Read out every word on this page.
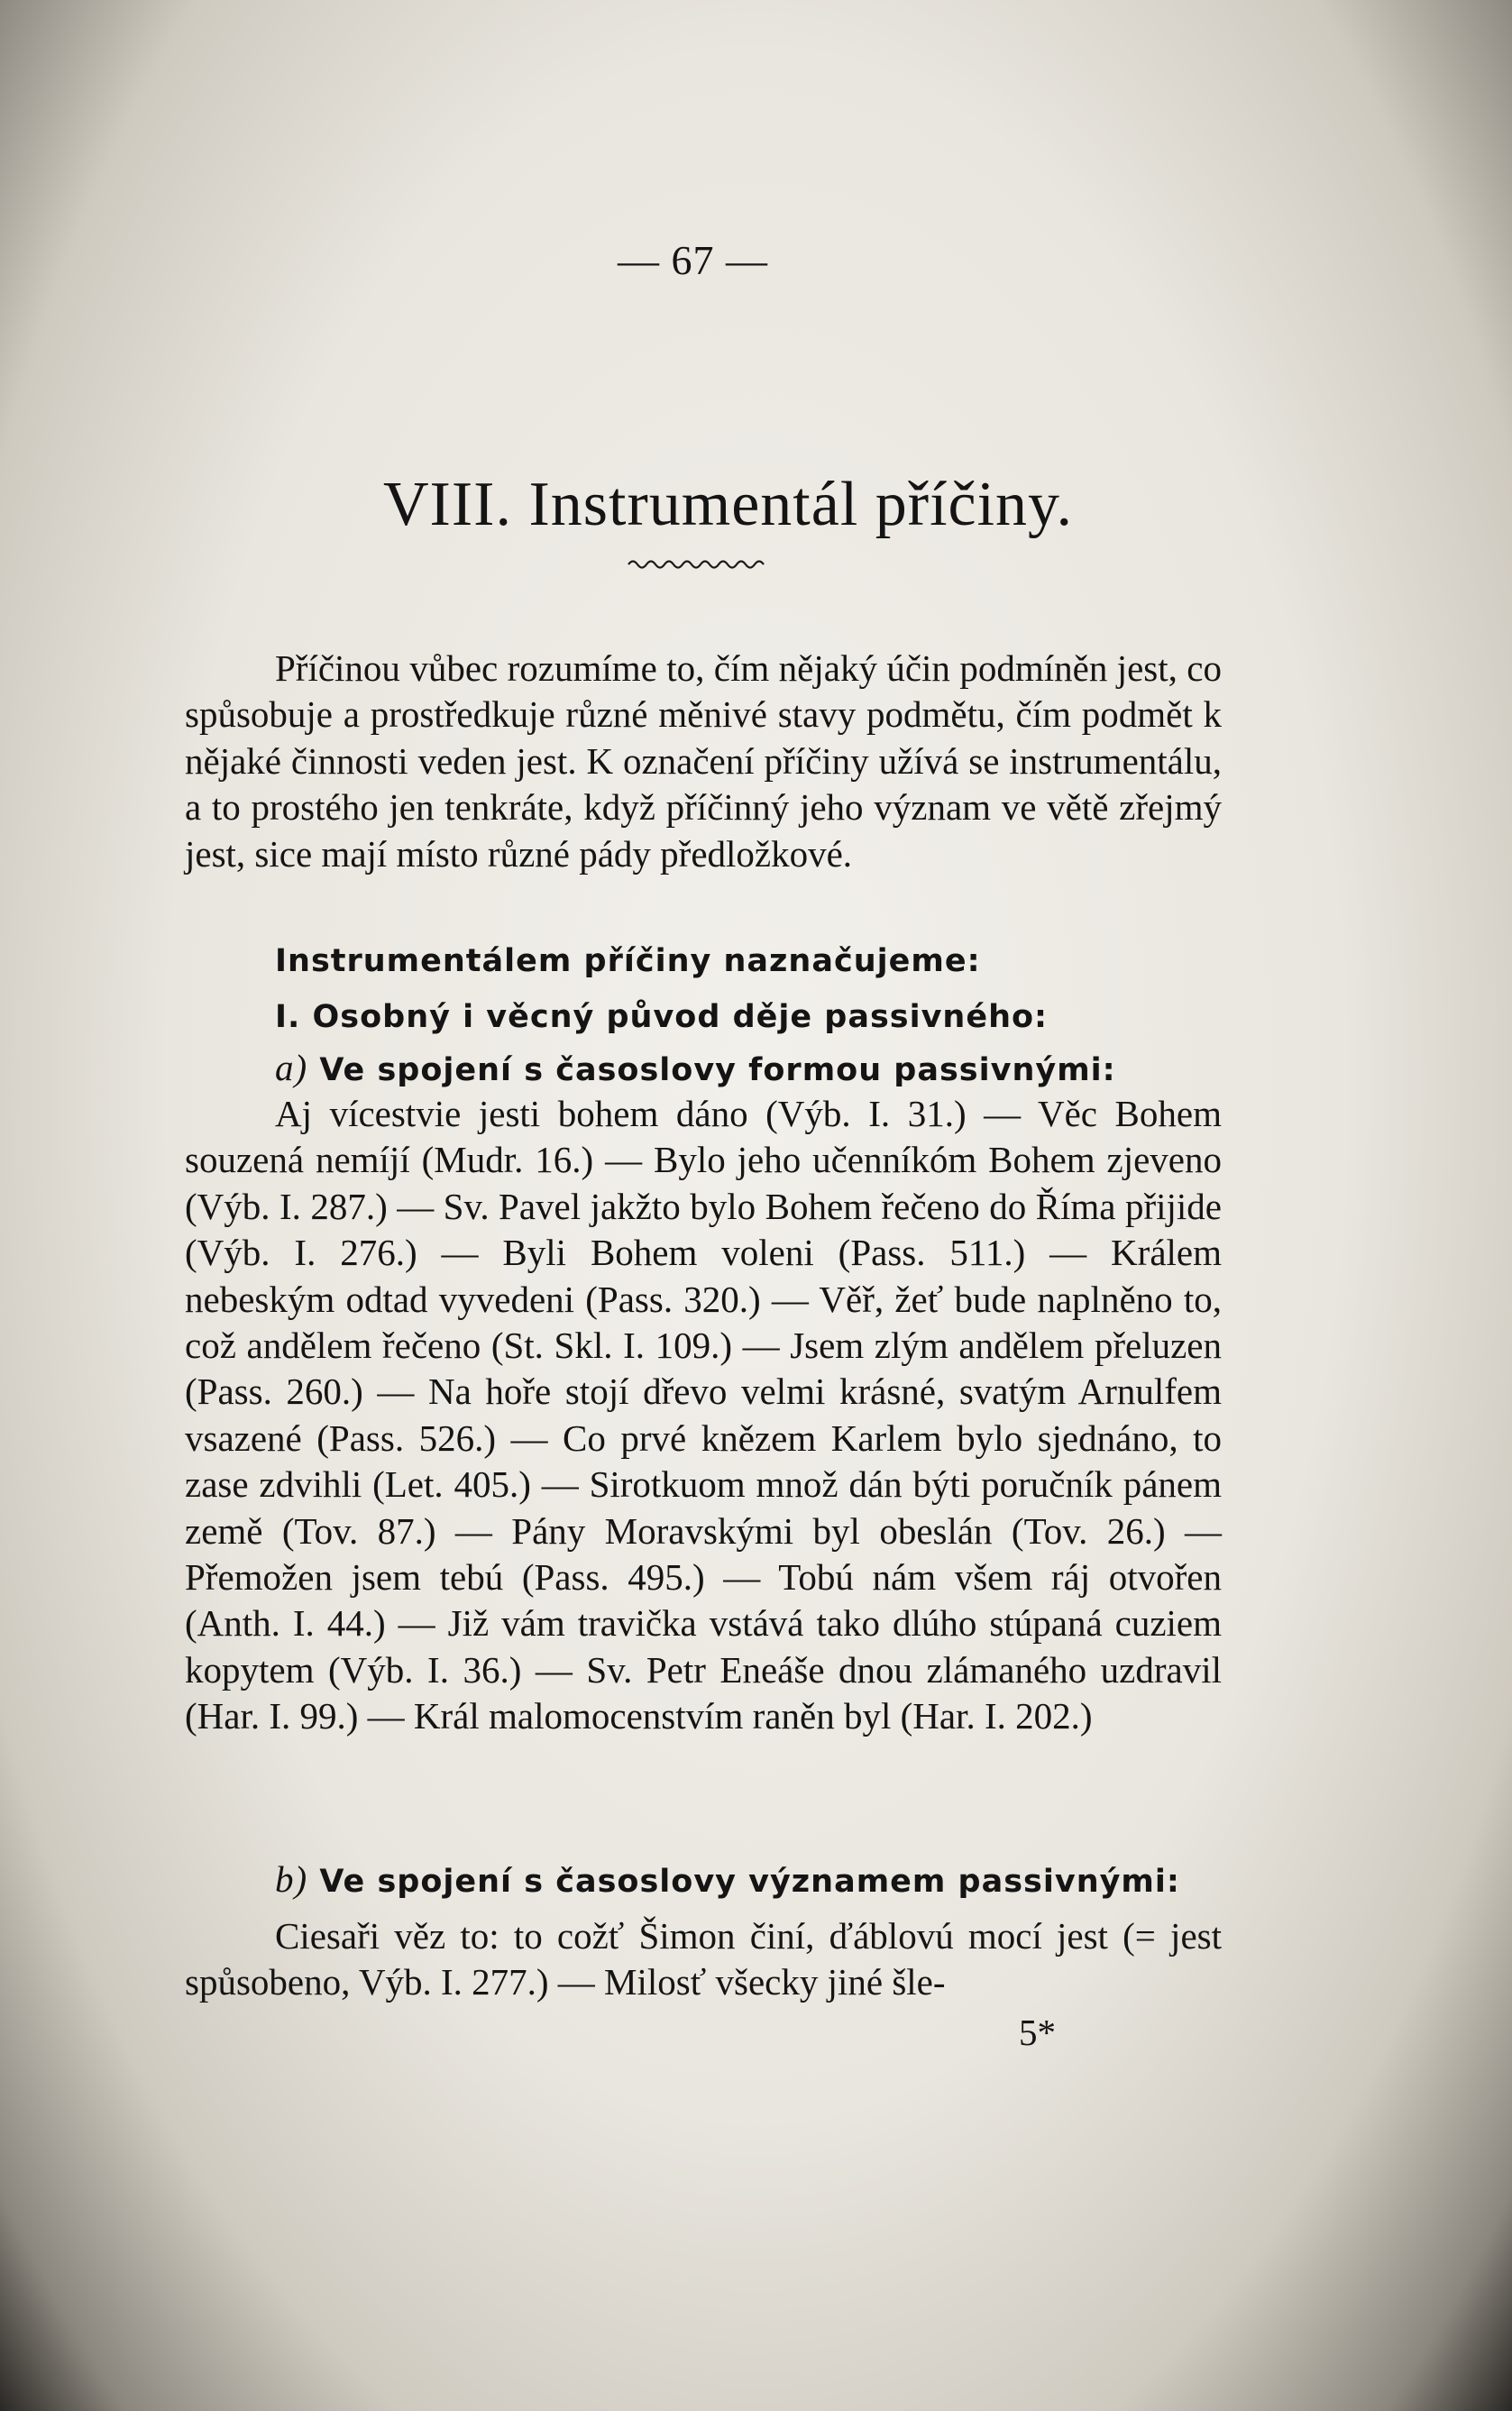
— 67 —
VIII. Instrumentál příčiny.
Příčinou vůbec rozumíme to, čím nějaký účin podmíněn jest, co spůsobuje a prostředkuje různé měnivé stavy podmětu, čím podmět k nějaké činnosti veden jest. K označení příčiny užívá se instrumentálu, a to prostého jen tenkráte, když příčinný jeho význam ve větě zřejmý jest, sice mají místo různé pády předložkové.
Instrumentálem příčiny naznačujeme:
I. Osobný i věcný původ děje passivného:
a) Ve spojení s časoslovy formou passivnými:
Aj vícestvie jesti bohem dáno (Výb. I. 31.) — Věc Bohem souzená nemíjí (Mudr. 16.) — Bylo jeho učenníkóm Bohem zjeveno (Výb. I. 287.) — Sv. Pavel jakžto bylo Bohem řečeno do Říma přijide (Výb. I. 276.) — Byli Bohem voleni (Pass. 511.) — Králem nebeským odtad vyvedeni (Pass. 320.) — Věř, žeť bude naplněno to, což andělem řečeno (St. Skl. I. 109.) — Jsem zlým andělem přeluzen (Pass. 260.) — Na hoře stojí dřevo velmi krásné, svatým Arnulfem vsazené (Pass. 526.) — Co prvé knězem Karlem bylo sjednáno, to zase zdvihli (Let. 405.) — Sirotkuom množ dán býti poručník pánem země (Tov. 87.) — Pány Moravskými byl obeslán (Tov. 26.) — Přemožen jsem tebú (Pass. 495.) — Tobú nám všem ráj otvořen (Anth. I. 44.) — Již vám travička vstává tako dlúho stúpaná cuziem kopytem (Výb. I. 36.) — Sv. Petr Eneáše dnou zlámaného uzdravil (Har. I. 99.) — Král malomocenstvím raněn byl (Har. I. 202.)
b) Ve spojení s časoslovy významem passivnými:
Ciesaři věz to: to cožť Šimon činí, ďáblovú mocí jest (= jest spůsobeno, Výb. I. 277.) — Milosť všecky jiné šle-
5*
